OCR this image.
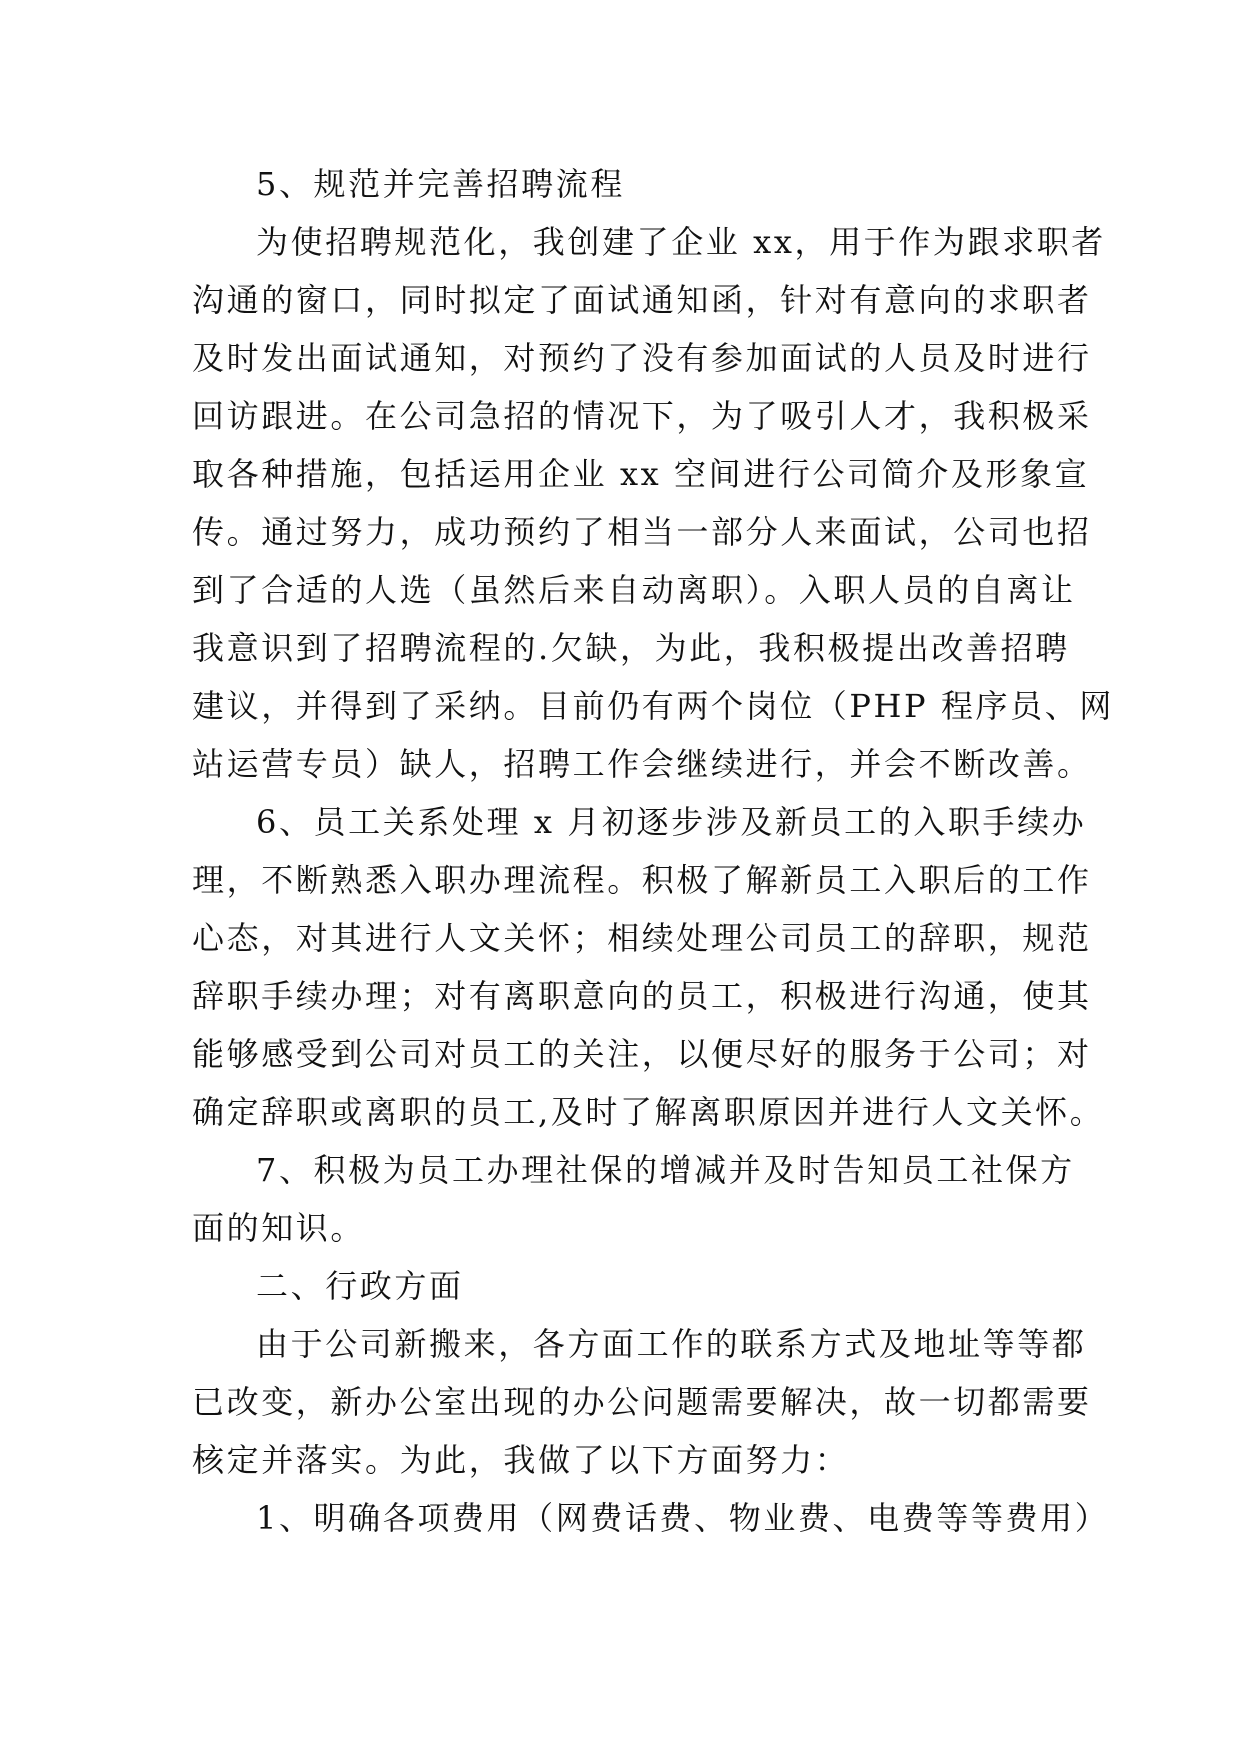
5、规范并完善招聘流程
为使招聘规范化，我创建了企业 xx，用于作为跟求职者
沟通的窗口，同时拟定了面试通知函，针对有意向的求职者
及时发出面试通知，对预约了没有参加面试的人员及时进行
回访跟进。在公司急招的情况下，为了吸引人才，我积极采
取各种措施，包括运用企业 xx 空间进行公司简介及形象宣
传。通过努力，成功预约了相当一部分人来面试，公司也招
到了合适的人选（虽然后来自动离职）。入职人员的自离让
我意识到了招聘流程的.欠缺，为此，我积极提出改善招聘
建议，并得到了采纳。目前仍有两个岗位（PHP 程序员、网
站运营专员）缺人，招聘工作会继续进行，并会不断改善。
6、员工关系处理 x 月初逐步涉及新员工的入职手续办
理，不断熟悉入职办理流程。积极了解新员工入职后的工作
心态，对其进行人文关怀；相续处理公司员工的辞职，规范
辞职手续办理；对有离职意向的员工，积极进行沟通，使其
能够感受到公司对员工的关注，以便尽好的服务于公司；对
确定辞职或离职的员工,及时了解离职原因并进行人文关怀。
7、积极为员工办理社保的增减并及时告知员工社保方
面的知识。
二、行政方面
由于公司新搬来，各方面工作的联系方式及地址等等都
已改变，新办公室出现的办公问题需要解决，故一切都需要
核定并落实。为此，我做了以下方面努力：
1、明确各项费用（网费话费、物业费、电费等等费用）
